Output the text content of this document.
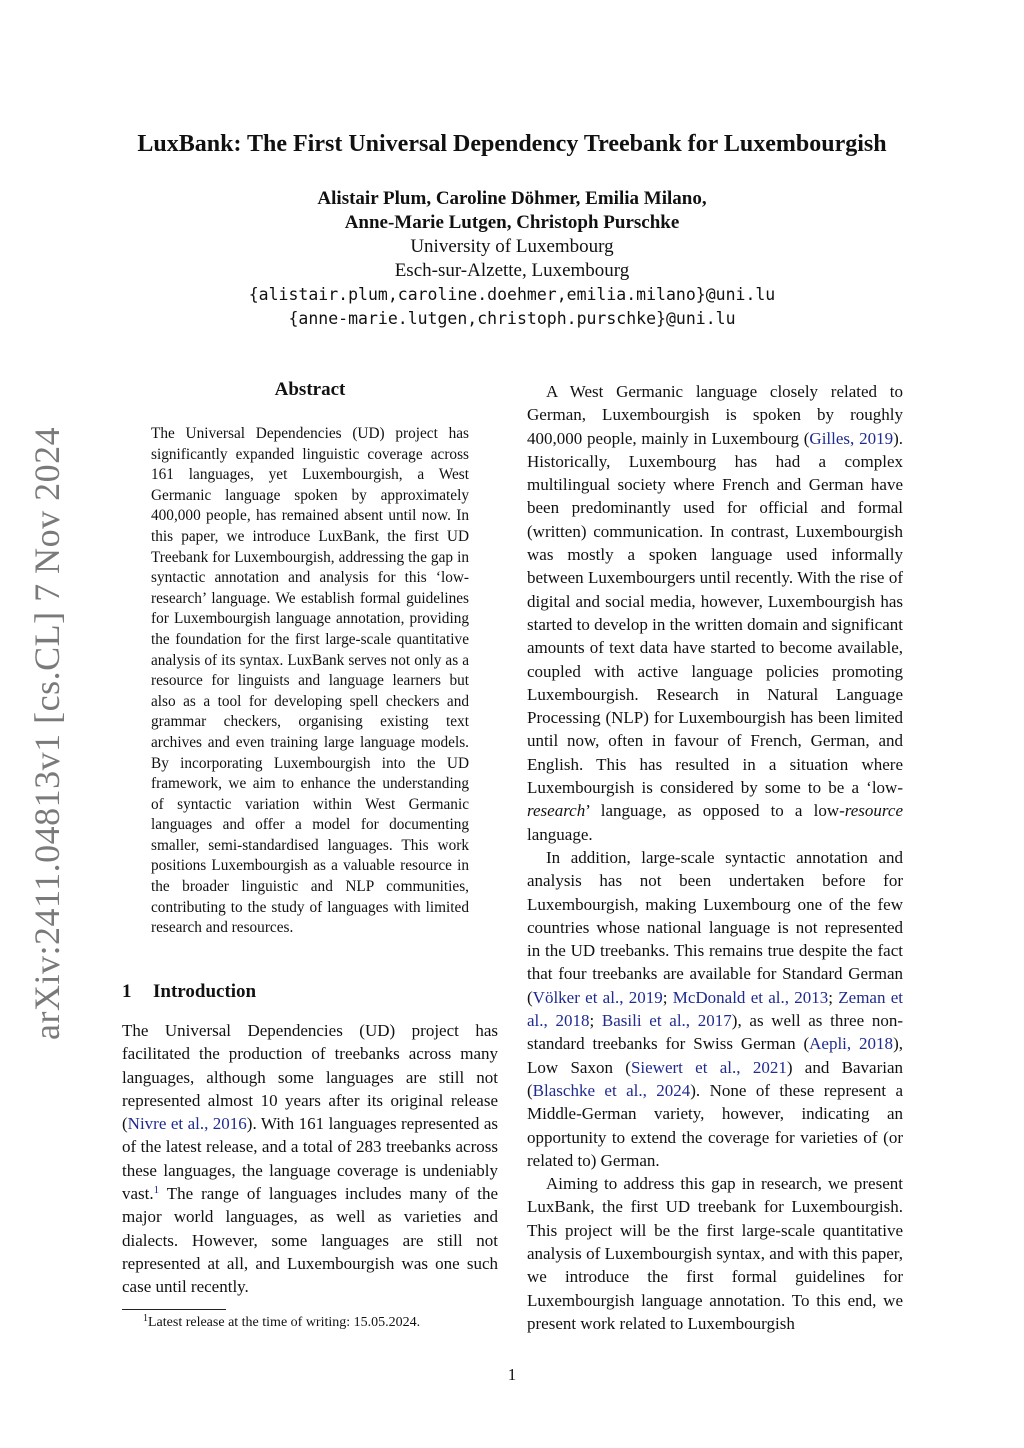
arXiv:2411.04813v1 [cs.CL] 7 Nov 2024
LuxBank: The First Universal Dependency Treebank for Luxembourgish
Alistair Plum, Caroline Döhmer, Emilia Milano,
Anne-Marie Lutgen, Christoph Purschke
University of Luxembourg
Esch-sur-Alzette, Luxembourg
{alistair.plum,caroline.doehmer,emilia.milano}@uni.lu
{anne-marie.lutgen,christoph.purschke}@uni.lu
Abstract
The Universal Dependencies (UD) project has significantly expanded linguistic coverage across 161 languages, yet Luxembourgish, a West Germanic language spoken by approximately 400,000 people, has remained absent until now. In this paper, we introduce LuxBank, the first UD Treebank for Luxembourgish, addressing the gap in syntactic annotation and analysis for this ‘low-research’ language. We establish formal guidelines for Luxembourgish language annotation, providing the foundation for the first large-scale quantitative analysis of its syntax. LuxBank serves not only as a resource for linguists and language learners but also as a tool for developing spell checkers and grammar checkers, organising existing text archives and even training large language models. By incorporating Luxembourgish into the UD framework, we aim to enhance the understanding of syntactic variation within West Germanic languages and offer a model for documenting smaller, semi-standardised languages. This work positions Luxembourgish as a valuable resource in the broader linguistic and NLP communities, contributing to the study of languages with limited research and resources.
1 Introduction

The Universal Dependencies (UD) project has facilitated the production of treebanks across many languages, although some languages are still not represented almost 10 years after its original release (Nivre et al., 2016). With 161 languages represented as of the latest release, and a total of 283 treebanks across these languages, the language coverage is undeniably vast.$^1$ The range of languages includes many of the major world languages, as well as varieties and dialects. However, some languages are still not represented at all, and Luxembourgish was one such case until recently.

$^1$Latest release at the time of writing: 15.05.2024.

A West Germanic language closely related to German, Luxembourgish is spoken by roughly 400,000 people, mainly in Luxembourg (Gilles, 2019). Historically, Luxembourg has had a complex multilingual society where French and German have been predominantly used for official and formal (written) communication. In contrast, Luxembourgish was mostly a spoken language used informally between Luxembourgers until recently. With the rise of digital and social media, however, Luxembourgish has started to develop in the written domain and significant amounts of text data have started to become available, coupled with active language policies promoting Luxembourgish. Research in Natural Language Processing (NLP) for Luxembourgish has been limited until now, often in favour of French, German, and English. This has resulted in a situation where Luxembourgish is considered by some to be a ‘low-research’ language, as opposed to a low-resource language.

In addition, large-scale syntactic annotation and analysis has not been undertaken before for Luxembourgish, making Luxembourg one of the few countries whose national language is not represented in the UD treebanks. This remains true despite the fact that four treebanks are available for Standard German (Völker et al., 2019; McDonald et al., 2013; Zeman et al., 2018; Basili et al., 2017), as well as three non-standard treebanks for Swiss German (Aepli, 2018), Low Saxon (Siewert et al., 2021) and Bavarian (Blaschke et al., 2024). None of these represent a Middle-German variety, however, indicating an opportunity to extend the coverage for varieties of (or related to) German.

Aiming to address this gap in research, we present LuxBank, the first UD treebank for Luxembourgish. This project will be the first large-scale quantitative analysis of Luxembourgish syntax, and with this paper, we introduce the first formal guidelines for Luxembourgish language annotation. To this end, we present work related to Luxembourgish

1
